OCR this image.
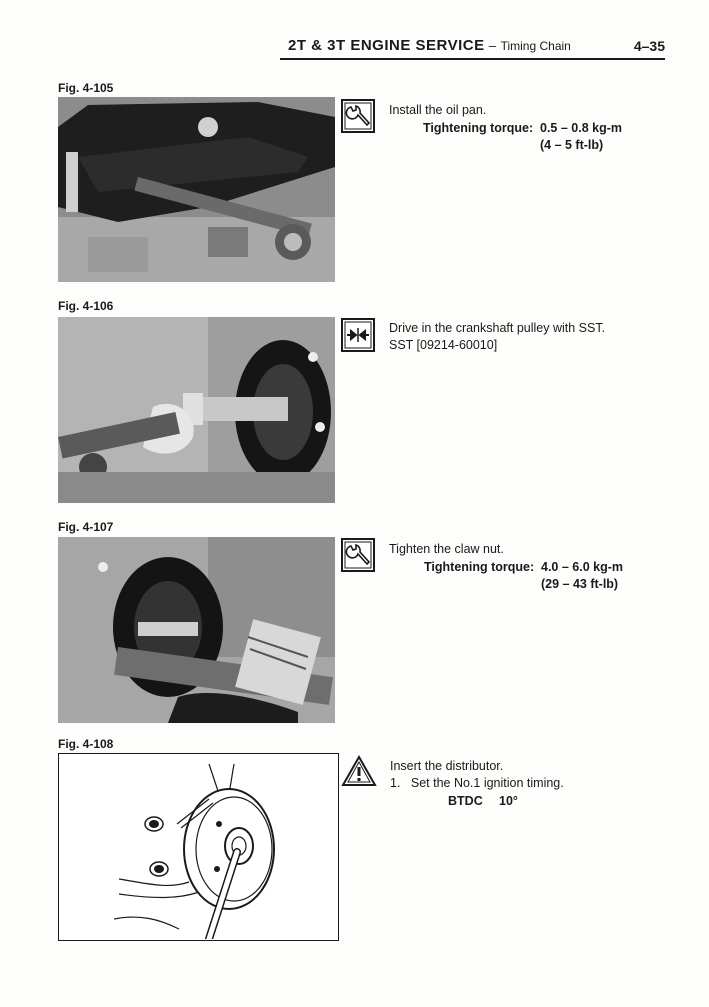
2T & 3T ENGINE SERVICE – Timing Chain	4–35
Fig. 4-105
Install the oil pan.
Tightening torque: 0.5 – 0.8 kg-m
(4 – 5 ft-lb)
Fig. 4-106
Drive in the crankshaft pulley with SST.
SST [09214-60010]
Fig. 4-107
Tighten the claw nut.
Tightening torque: 4.0 – 6.0 kg-m
(29 – 43 ft-lb)
Fig. 4-108
Insert the distributor.
1. Set the No.1 ignition timing.
BTDC 10°
